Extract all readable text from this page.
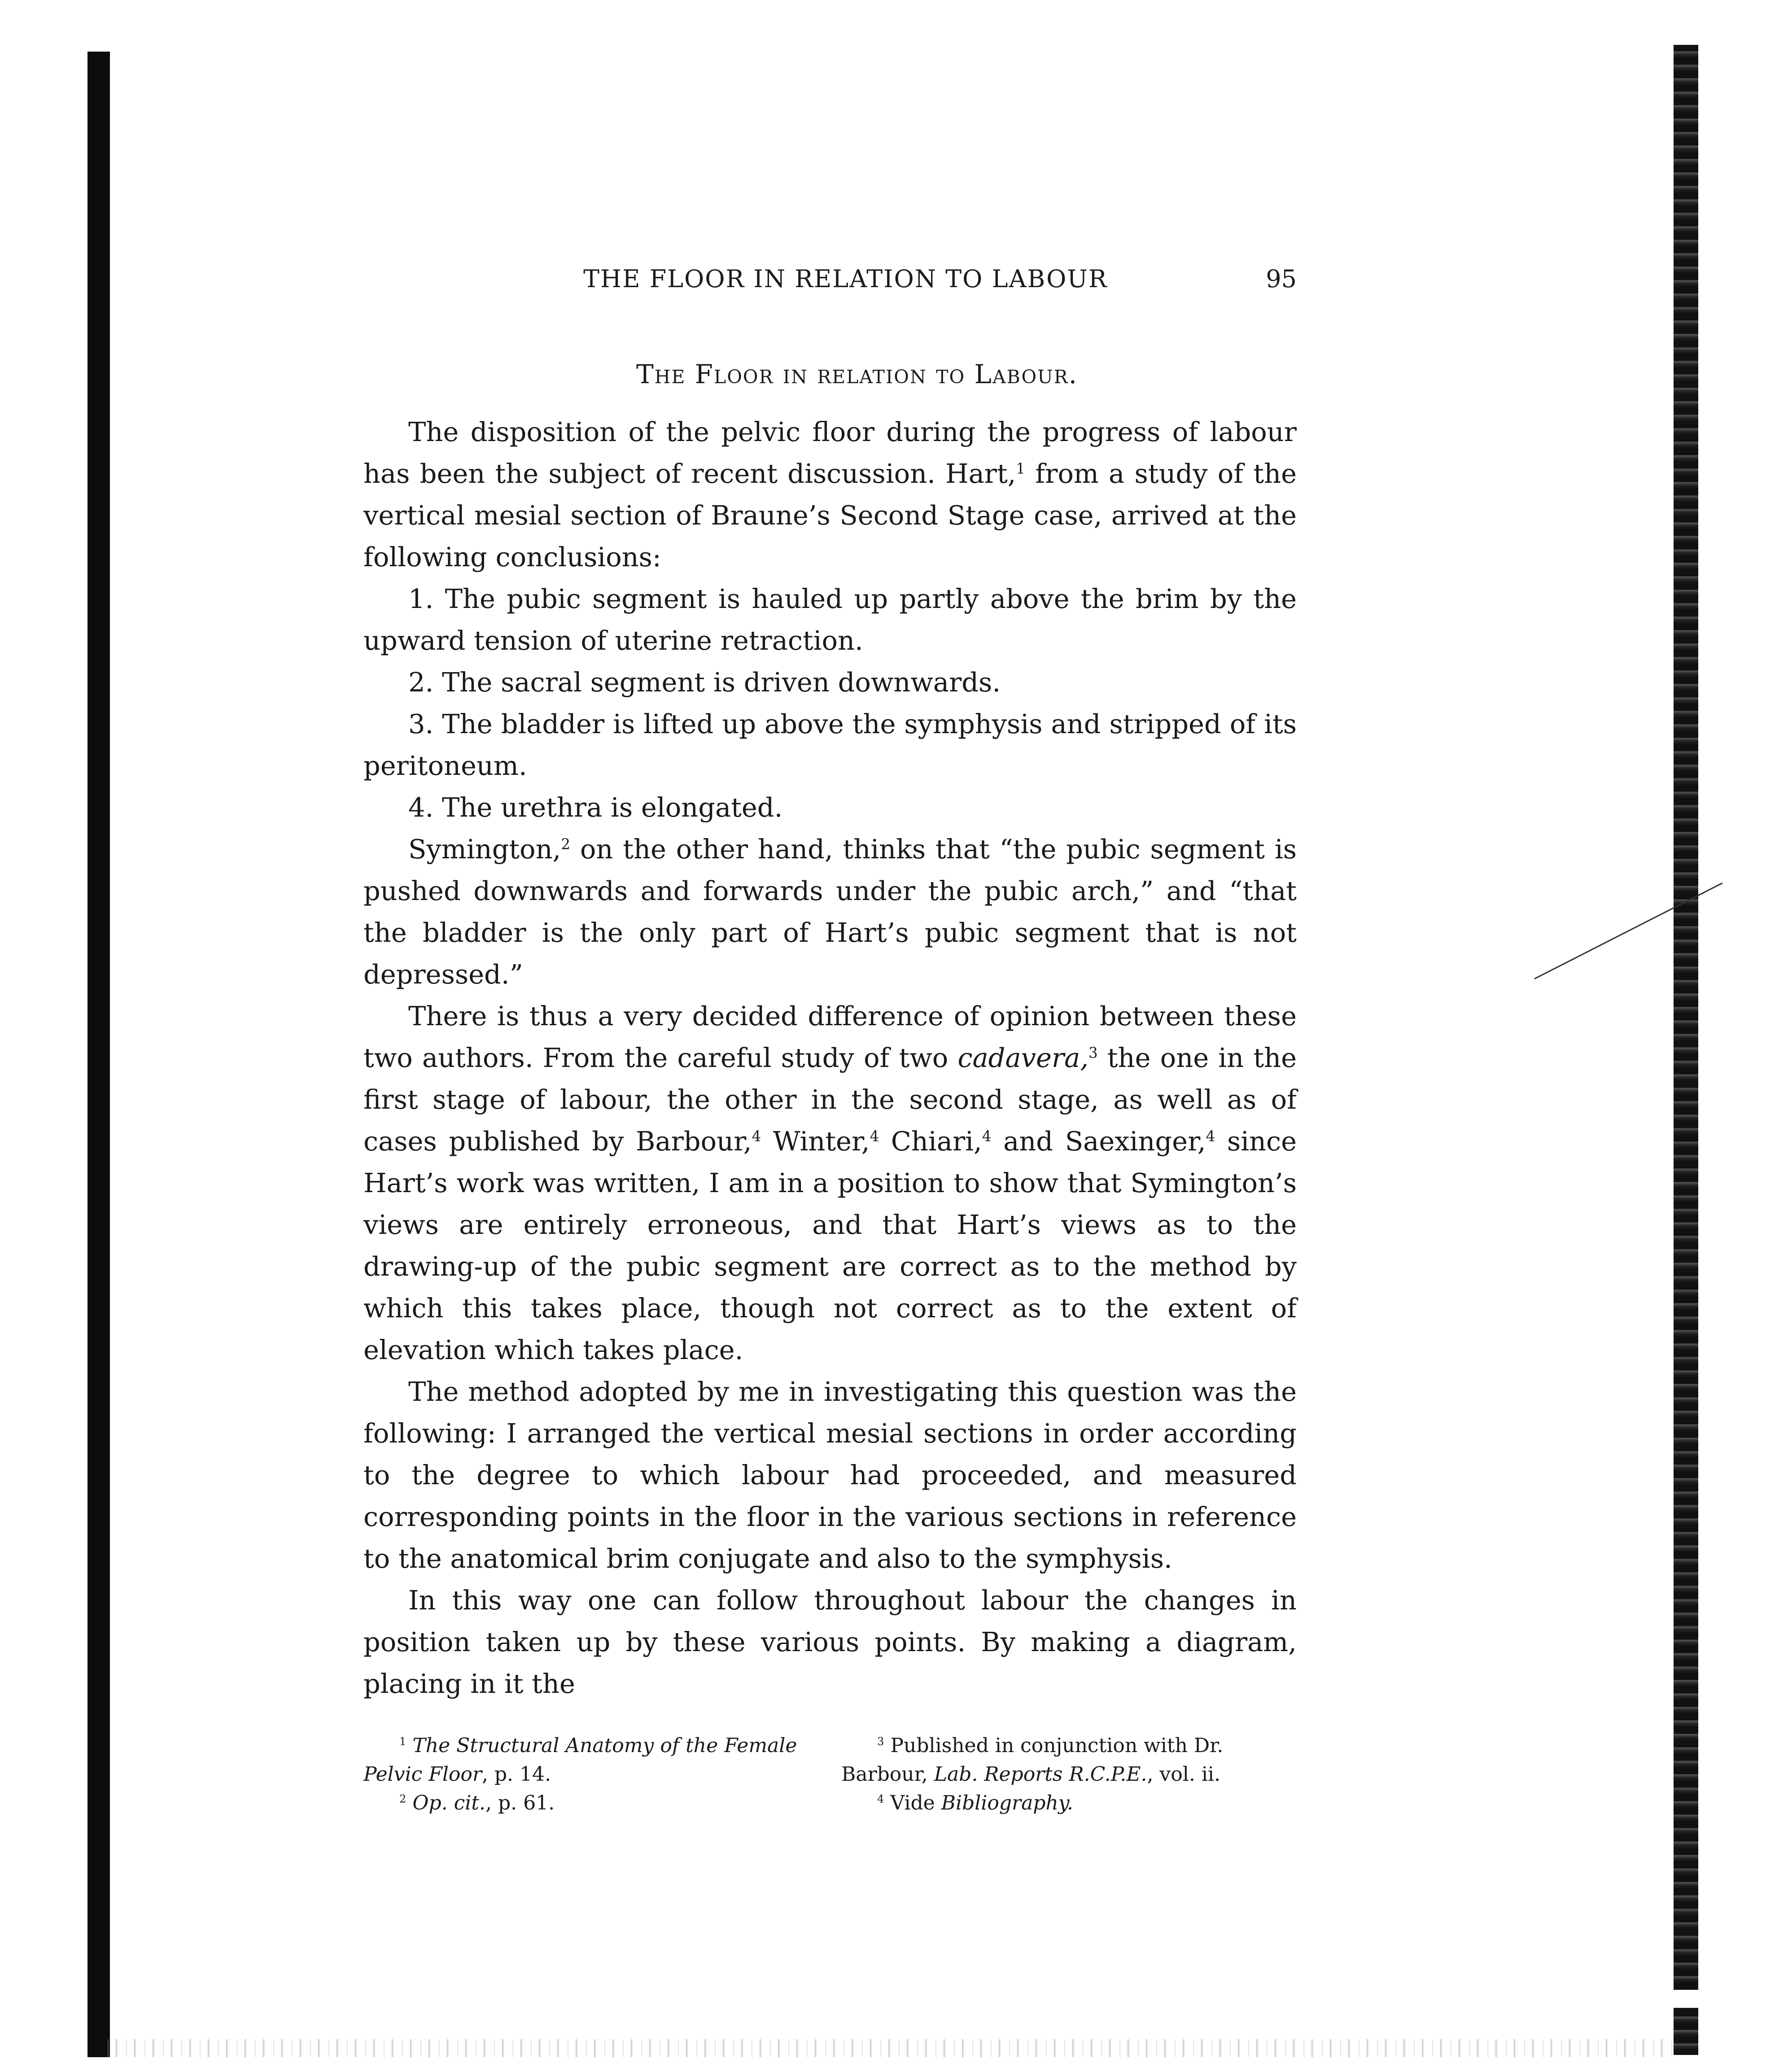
THE FLOOR IN RELATION TO LABOUR	95
The Floor in relation to Labour.

The disposition of the pelvic floor during the progress of labour has been the subject of recent discussion. Hart,$^1$ from a study of the vertical mesial section of Braune’s Second Stage case, arrived at the following conclusions:

1. The pubic segment is hauled up partly above the brim by the upward tension of uterine retraction.

2. The sacral segment is driven downwards.

3. The bladder is lifted up above the symphysis and stripped of its peritoneum.

4. The urethra is elongated.

Symington,$^2$ on the other hand, thinks that “the pubic segment is pushed downwards and forwards under the pubic arch,” and “that the bladder is the only part of Hart’s pubic segment that is not depressed.”

There is thus a very decided difference of opinion between these two authors. From the careful study of two cadavera,$^3$ the one in the first stage of labour, the other in the second stage, as well as of cases published by Barbour,$^4$ Winter,$^4$ Chiari,$^4$ and Saexinger,$^4$ since Hart’s work was written, I am in a position to show that Symington’s views are entirely erroneous, and that Hart’s views as to the drawing-up of the pubic segment are correct as to the method by which this takes place, though not correct as to the extent of elevation which takes place.

The method adopted by me in investigating this question was the following: I arranged the vertical mesial sections in order according to the degree to which labour had proceeded, and measured corresponding points in the floor in the various sections in reference to the anatomical brim conjugate and also to the symphysis.

In this way one can follow throughout labour the changes in position taken up by these various points. By making a diagram, placing in it the

$^1$ The Structural Anatomy of the Female Pelvic Floor, p. 14.

$^2$ Op. cit., p. 61.

$^3$ Published in conjunction with Dr. Barbour, Lab. Reports R.C.P.E., vol. ii.

$^4$ Vide Bibliography.
